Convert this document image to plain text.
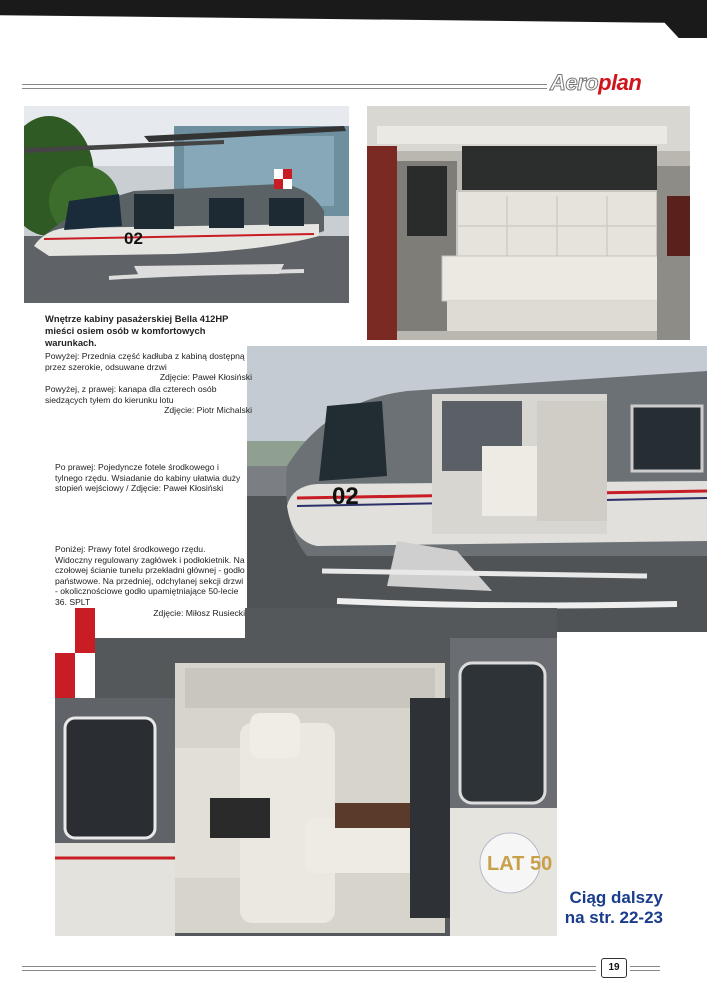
Aeroplan
02
02
LAT 50
Wnętrze kabiny pasażerskiej Bella 412HP mieści osiem osób w komfortowych warunkach.
Powyżej: Przednia część kadłuba z kabiną dostępną przez szerokie, odsuwane drzwi
Zdjęcie: Paweł Kłosiński
Powyżej, z prawej: kanapa dla czterech osób siedzących tyłem do kierunku lotu
Zdjęcie: Piotr Michalski
Po prawej: Pojedyncze fotele środkowego i tylnego rzędu. Wsiadanie do kabiny ułatwia duży stopień wejściowy / Zdjęcie: Paweł Kłosiński
Poniżej: Prawy fotel środkowego rzędu. Widoczny regulowany zagłówek i podłokietnik. Na czołowej ścianie tunelu przekładni głównej - godło państwowe. Na przedniej, odchylanej sekcji drzwi - okolicznościowe godło upamiętniające 50-lecie 36. SPLT
Zdjęcie: Miłosz Rusiecki
Ciąg dalszy
na str. 22-23
19
